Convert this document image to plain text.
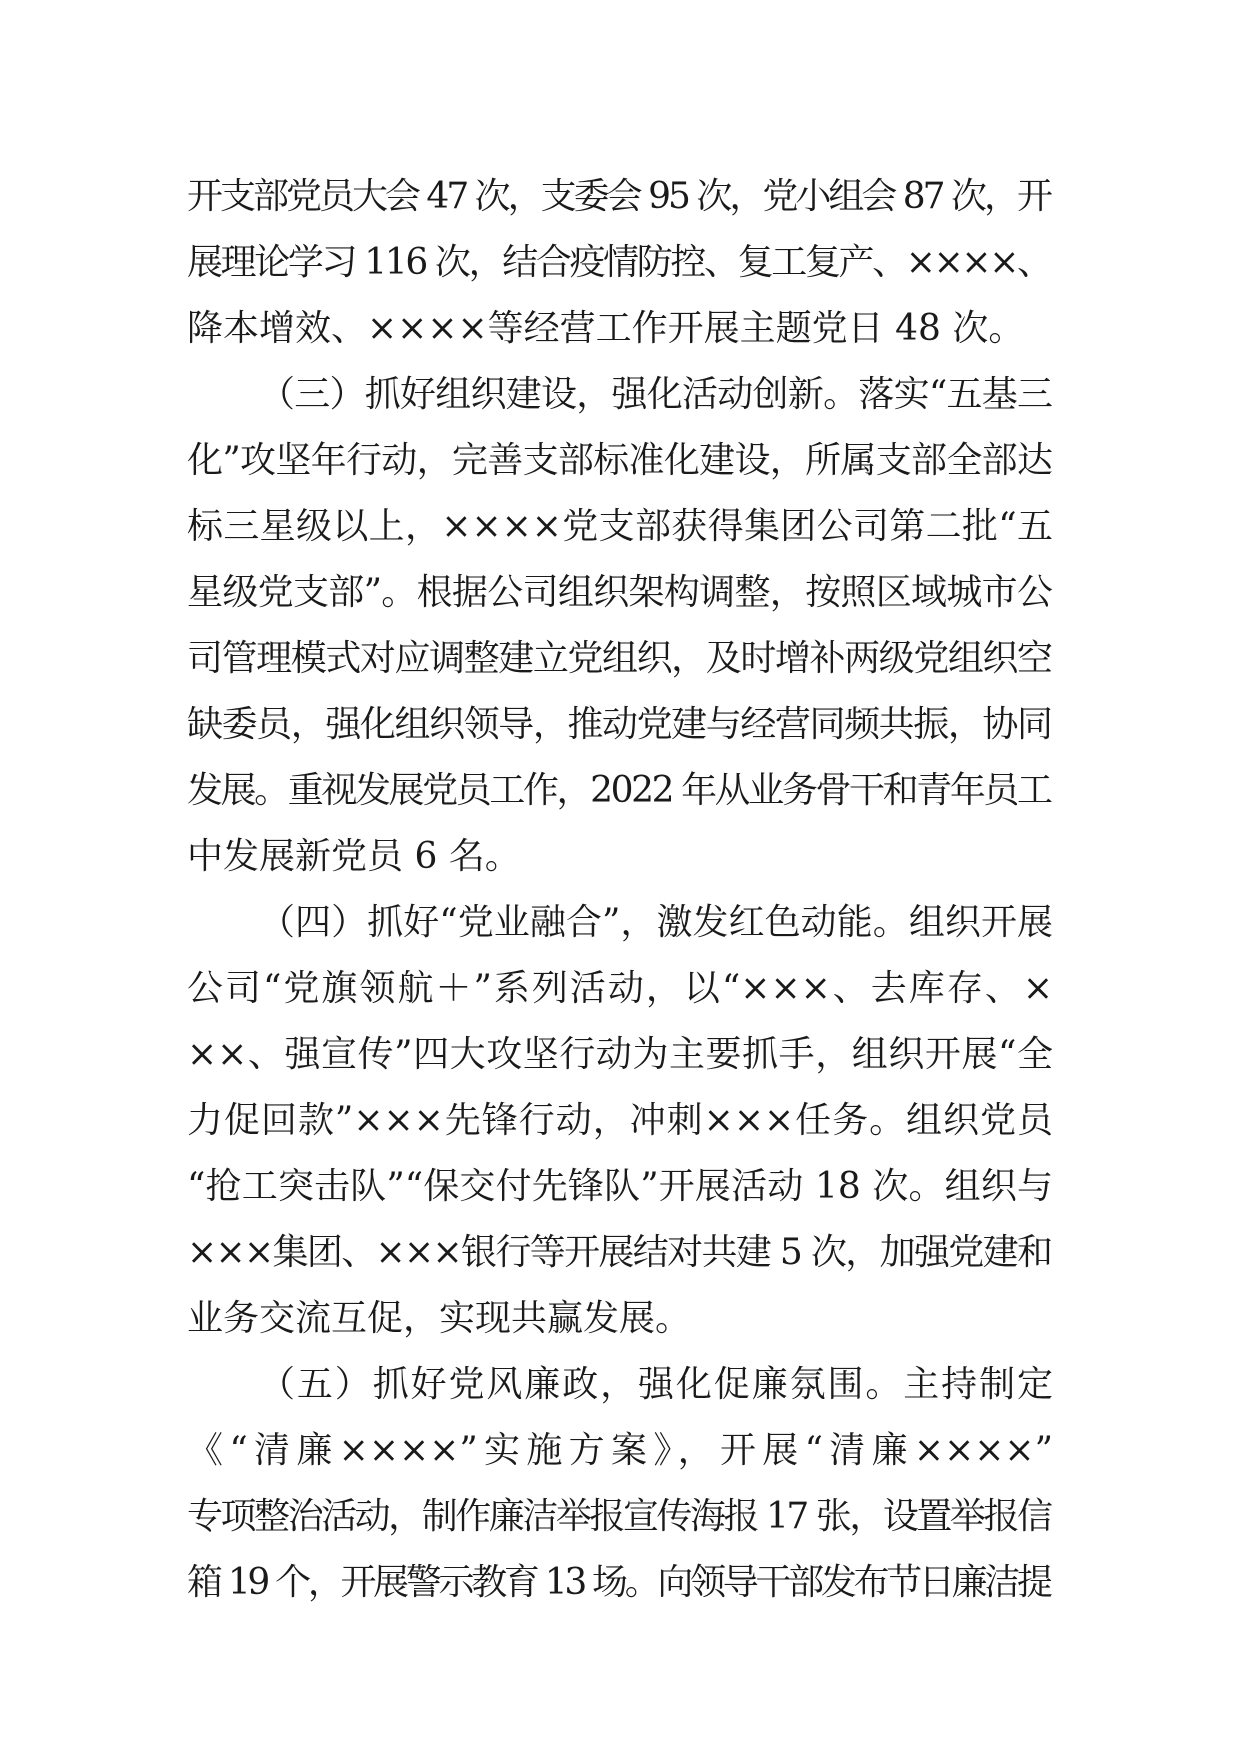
开支部党员大会 47 次，支委会 95 次，党小组会 87 次，开
展理论学习 116 次，结合疫情防控、复工复产、××××、
降本增效、××××等经营工作开展主题党日 48 次。
（三）抓好组织建设，强化活动创新。落实“五基三
化”攻坚年行动，完善支部标准化建设，所属支部全部达
标三星级以上，××××党支部获得集团公司第二批“五
星级党支部”。根据公司组织架构调整，按照区域城市公
司管理模式对应调整建立党组织，及时增补两级党组织空
缺委员，强化组织领导，推动党建与经营同频共振，协同
发展。重视发展党员工作，2022 年从业务骨干和青年员工
中发展新党员 6 名。
（四）抓好“党业融合”，激发红色动能。组织开展
公司“党旗领航＋”系列活动，以“×××、去库存、×
××、强宣传”四大攻坚行动为主要抓手，组织开展“全
力促回款”×××先锋行动，冲刺×××任务。组织党员
“抢工突击队”“保交付先锋队”开展活动 18 次。组织与
×××集团、×××银行等开展结对共建 5 次，加强党建和
业务交流互促，实现共赢发展。
（五）抓好党风廉政，强化促廉氛围。主持制定
《“清廉××××”实施方案》，开展“清廉××××”
专项整治活动，制作廉洁举报宣传海报 17 张，设置举报信
箱 19 个，开展警示教育 13 场。向领导干部发布节日廉洁提
